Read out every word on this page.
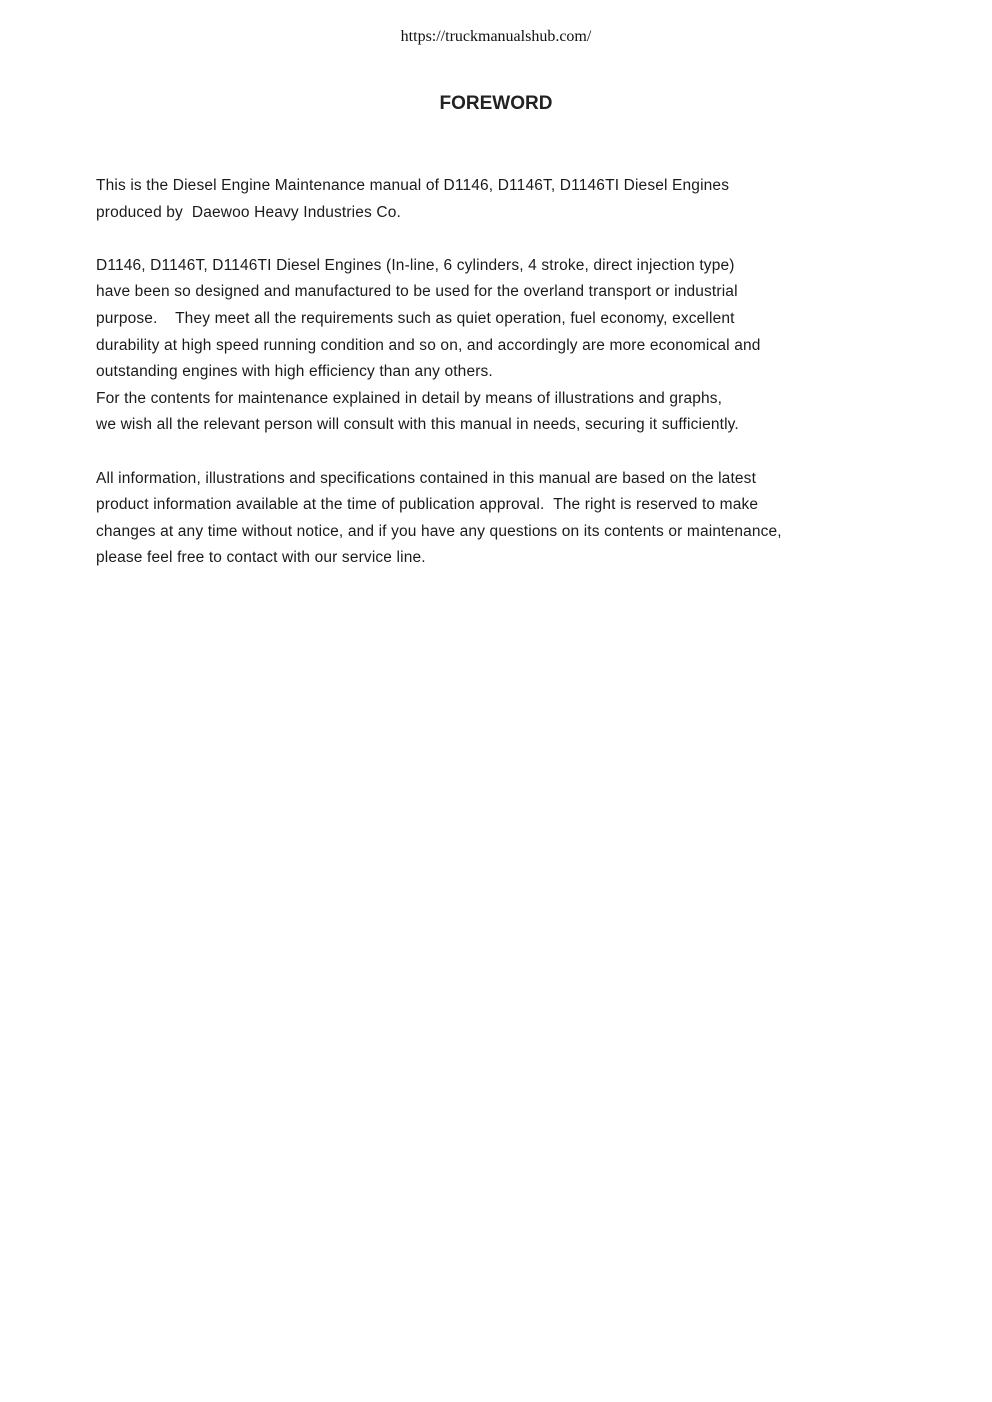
https://truckmanualshub.com/
FOREWORD

This is the Diesel Engine Maintenance manual of D1146, D1146T, D1146TI Diesel Engines
produced by  Daewoo Heavy Industries Co.

D1146, D1146T, D1146TI Diesel Engines (In-line, 6 cylinders, 4 stroke, direct injection type)
have been so designed and manufactured to be used for the overland transport or industrial
purpose.    They meet all the requirements such as quiet operation, fuel economy, excellent
durability at high speed running condition and so on, and accordingly are more economical and
outstanding engines with high efficiency than any others.
For the contents for maintenance explained in detail by means of illustrations and graphs,
we wish all the relevant person will consult with this manual in needs, securing it sufficiently.

All information, illustrations and specifications contained in this manual are based on the latest
product information available at the time of publication approval.  The right is reserved to make
changes at any time without notice, and if you have any questions on its contents or maintenance,
please feel free to contact with our service line.
